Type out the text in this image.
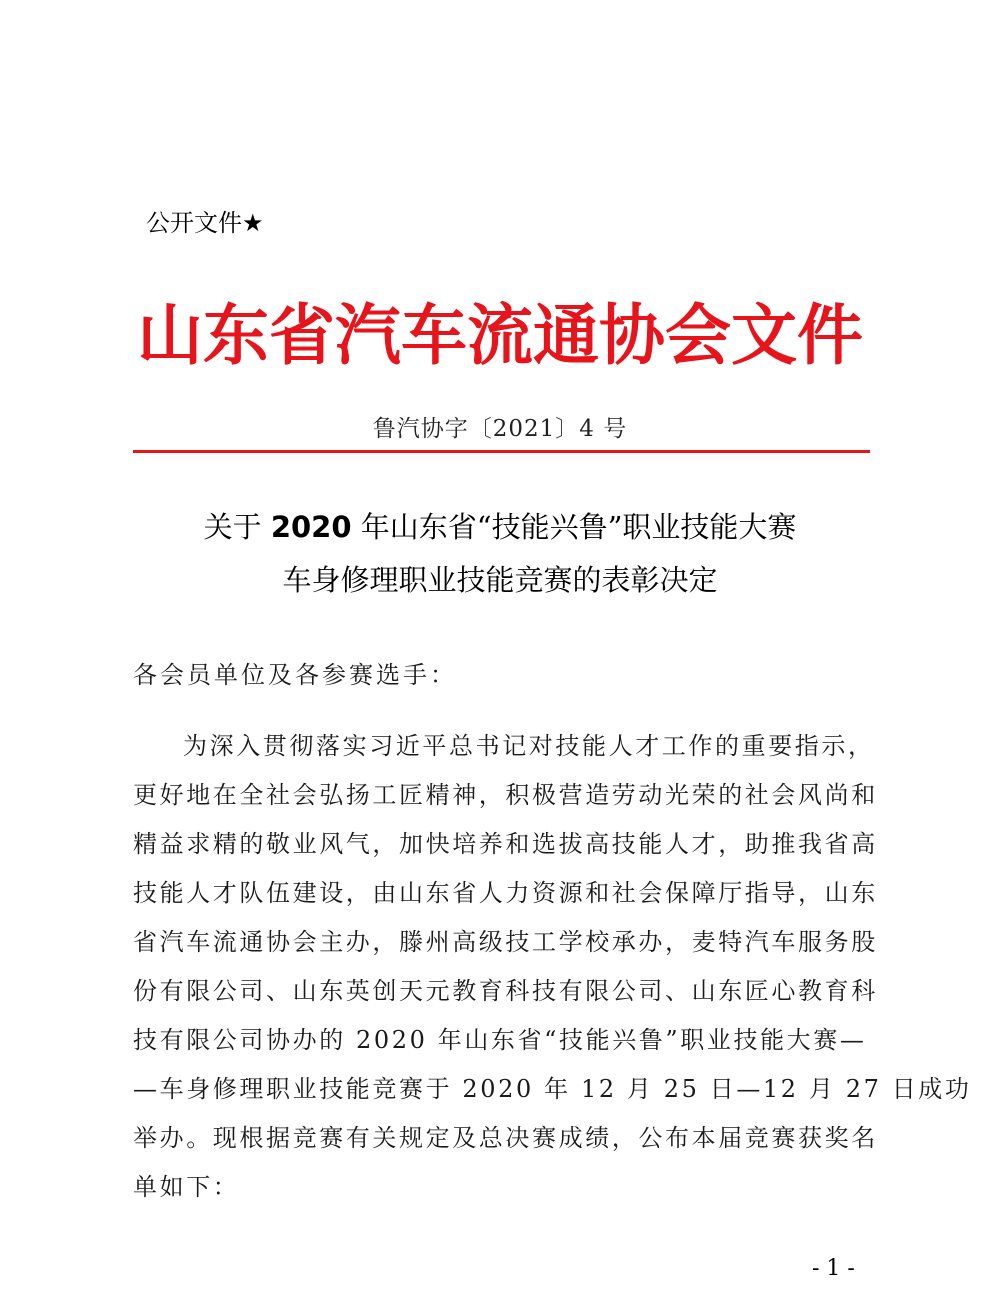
公开文件★
山东省汽车流通协会文件
鲁汽协字〔2021〕4 号
关于 2020 年山东省“技能兴鲁”职业技能大赛
车身修理职业技能竞赛的表彰决定
各会员单位及各参赛选手：
为深入贯彻落实习近平总书记对技能人才工作的重要指示，
更好地在全社会弘扬工匠精神，积极营造劳动光荣的社会风尚和
精益求精的敬业风气，加快培养和选拔高技能人才，助推我省高
技能人才队伍建设，由山东省人力资源和社会保障厅指导，山东
省汽车流通协会主办，滕州高级技工学校承办，麦特汽车服务股
份有限公司、山东英创天元教育科技有限公司、山东匠心教育科
技有限公司协办的 2020 年山东省“技能兴鲁”职业技能大赛—
—车身修理职业技能竞赛于 2020 年 12 月 25 日—12 月 27 日成功
举办。现根据竞赛有关规定及总决赛成绩，公布本届竞赛获奖名
单如下：
- 1 -
